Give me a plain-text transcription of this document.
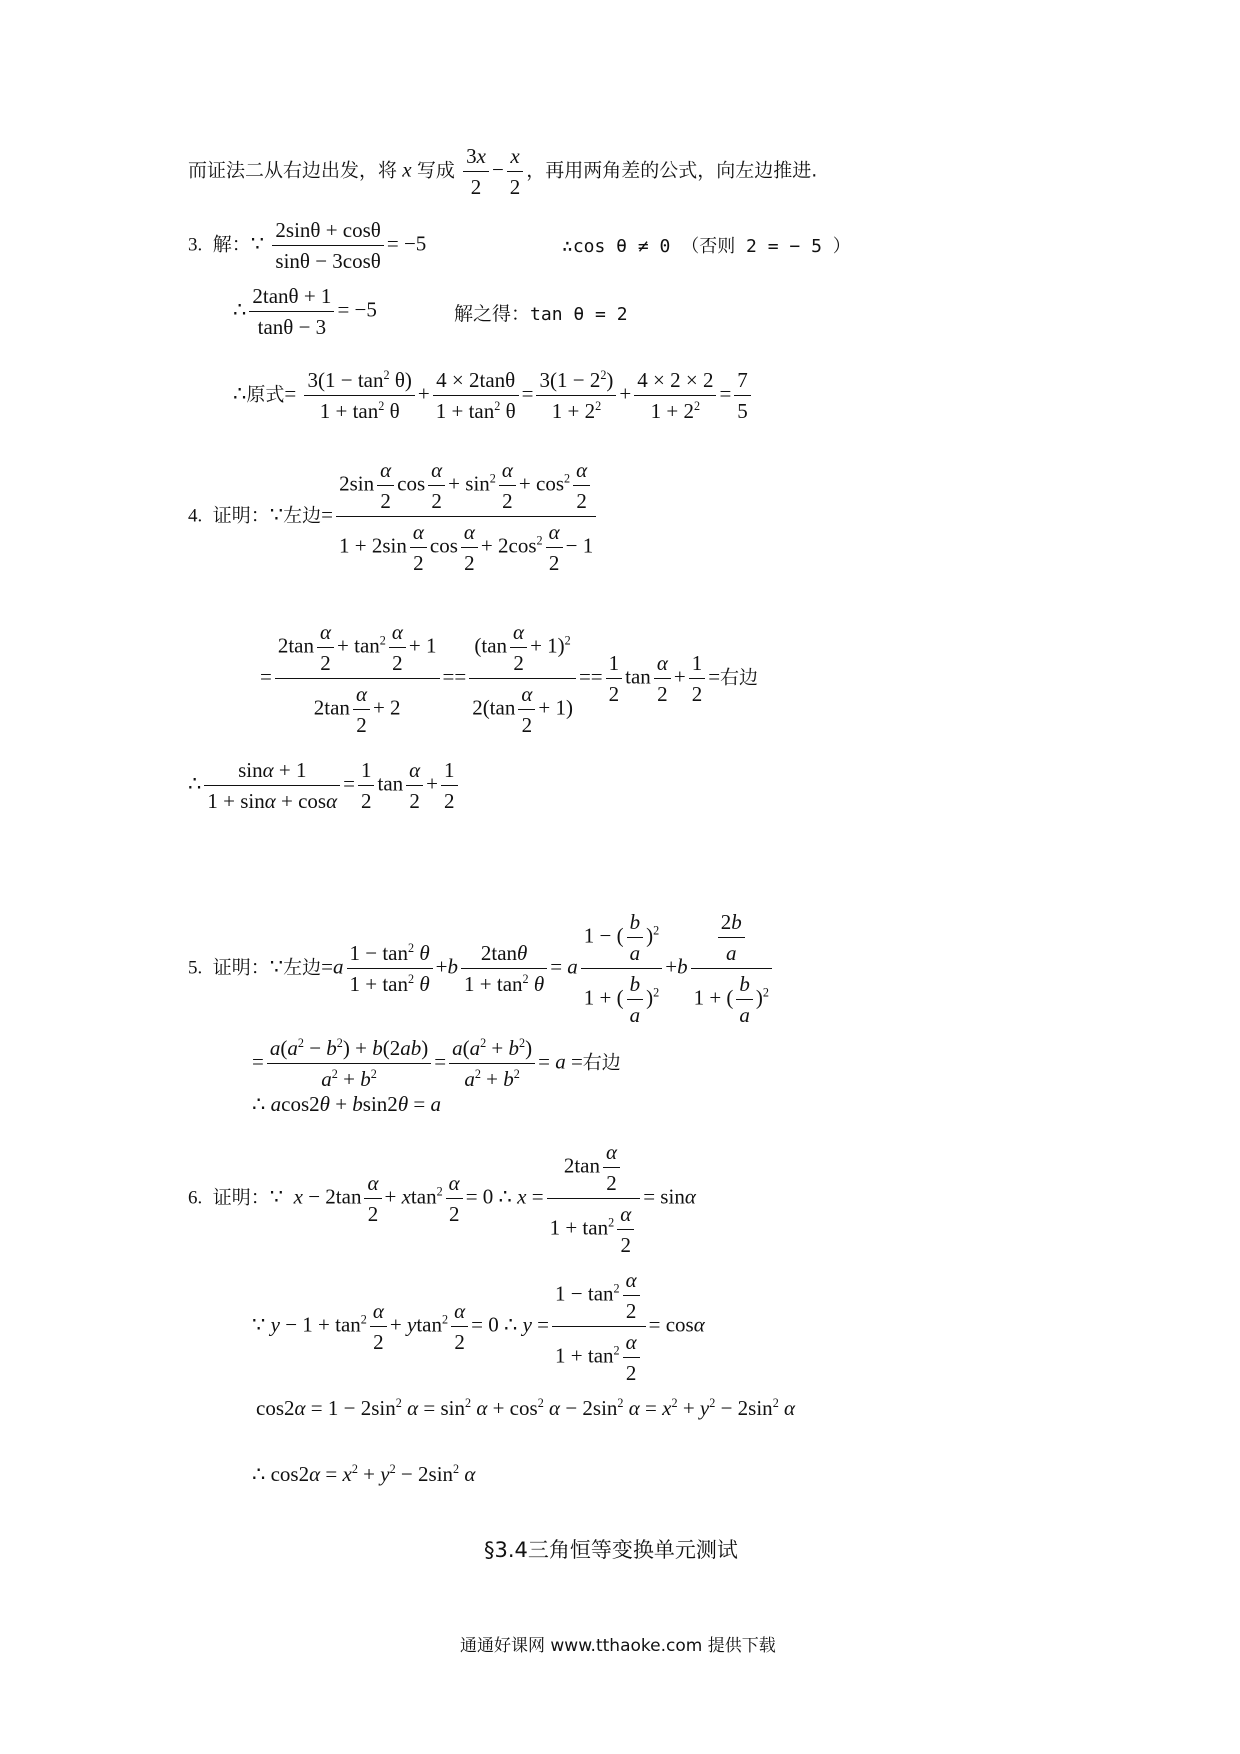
而证法二从右边出发，将 x 写成 $\frac{3x}{2} - \frac{x}{2}$ ，再用两角差的公式，向左边推进.
3. 解：∵ $\frac{2\sin\theta + \cos\theta}{\sin\theta - 3\cos\theta} = -5$	∴cos θ ≠ 0 （否则 2 = − 5 ）
∴ $\frac{2\tan\theta + 1}{\tan\theta - 3} = -5$	解之得：tan θ = 2
∴原式= $\frac{3(1 - \tan^2 \theta)}{1 + \tan^2 \theta} + \frac{4 \times 2\tan\theta}{1 + \tan^2 \theta} = \frac{3(1 - 2^2)}{1 + 2^2} + \frac{4 \times 2 \times 2}{1 + 2^2} = \frac{7}{5}$
4. 证明：∵左边= $\frac{2\sin \frac{\alpha}{2} \cos \frac{\alpha}{2} + \sin^2 \frac{\alpha}{2} + \cos^2 \frac{\alpha}{2}}{1 + 2\sin \frac{\alpha}{2} \cos \frac{\alpha}{2} + 2\cos^2 \frac{\alpha}{2} - 1}$
= $\frac{2\tan \frac{\alpha}{2} + \tan^2 \frac{\alpha}{2} + 1}{2\tan \frac{\alpha}{2} + 2} == \frac{(\tan \frac{\alpha}{2} + 1)^2}{2(\tan \frac{\alpha}{2} + 1)} == \frac{1}{2}$ $\tan \frac{\alpha}{2} + \frac{1}{2}$ =右边
∴ $\frac{\sin\alpha + 1}{1 + \sin\alpha + \cos\alpha} = \frac{1}{2}$ $\tan \frac{\alpha}{2} + \frac{1}{2}$
5. 证明：∵左边$=a \frac{1 - \tan^2 \theta}{1 + \tan^2 \theta} +b \frac{2\tan\theta}{1 + \tan^2 \theta} = a \frac{1 - ( \frac{b}{a} )^2}{1 + ( \frac{b}{a} )^2} +b \frac{\frac{2b}{a}}{1 + ( \frac{b}{a} )^2}$
= $\frac{a(a^2 - b^2) + b(2ab)}{a^2 + b^2} = \frac{a(a^2 + b^2)}{a^2 + b^2} = a$ =右边
∴ acos2θ + bsin2θ = a
6. 证明：∵  $x - 2\tan \frac{\alpha}{2} + xtan^2 \frac{\alpha}{2} = 0$ ∴ $x = \frac{2\tan \frac{\alpha}{2}}{1 + \tan^2 \frac{\alpha}{2}} = \sin\alpha$
∵ $y - 1 + \tan^2 \frac{\alpha}{2} + ytan^2 \frac{\alpha}{2} = 0$ ∴ $y = \frac{1 - \tan^2 \frac{\alpha}{2}}{1 + \tan^2 \frac{\alpha}{2}} = \cos\alpha$
$\cos 2\alpha = 1 - 2\sin^2$ $\alpha = \sin^2 \alpha + \cos^2 \alpha - 2\sin^2$ $\alpha = x^2 + y^2 - 2\sin^2$ α
∴ $\cos 2\alpha = x^2 + y^2 - 2\sin^2$ α
§3.4三角恒等变换单元测试
通通好课网 www.tthaoke.com 提供下载
